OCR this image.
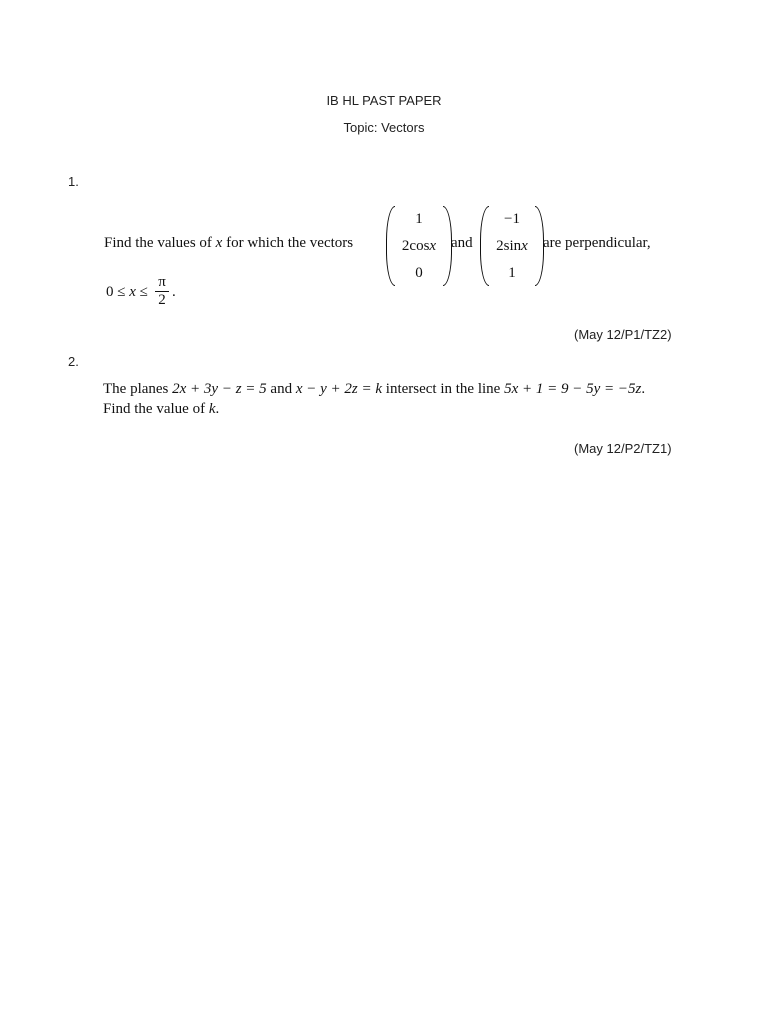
IB HL PAST PAPER
Topic: Vectors
1.
Find the values of x for which the vectors
1
2cosx
0
and
−1
2sinx
1
are perpendicular,
0 ≤ x ≤
π
2 .
(May 12/P1/TZ2)
2.
The planes 2x + 3y − z = 5 and x − y + 2z = k intersect in the line 5x + 1 = 9 − 5y = −5z.
Find the value of k.
(May 12/P2/TZ1)
